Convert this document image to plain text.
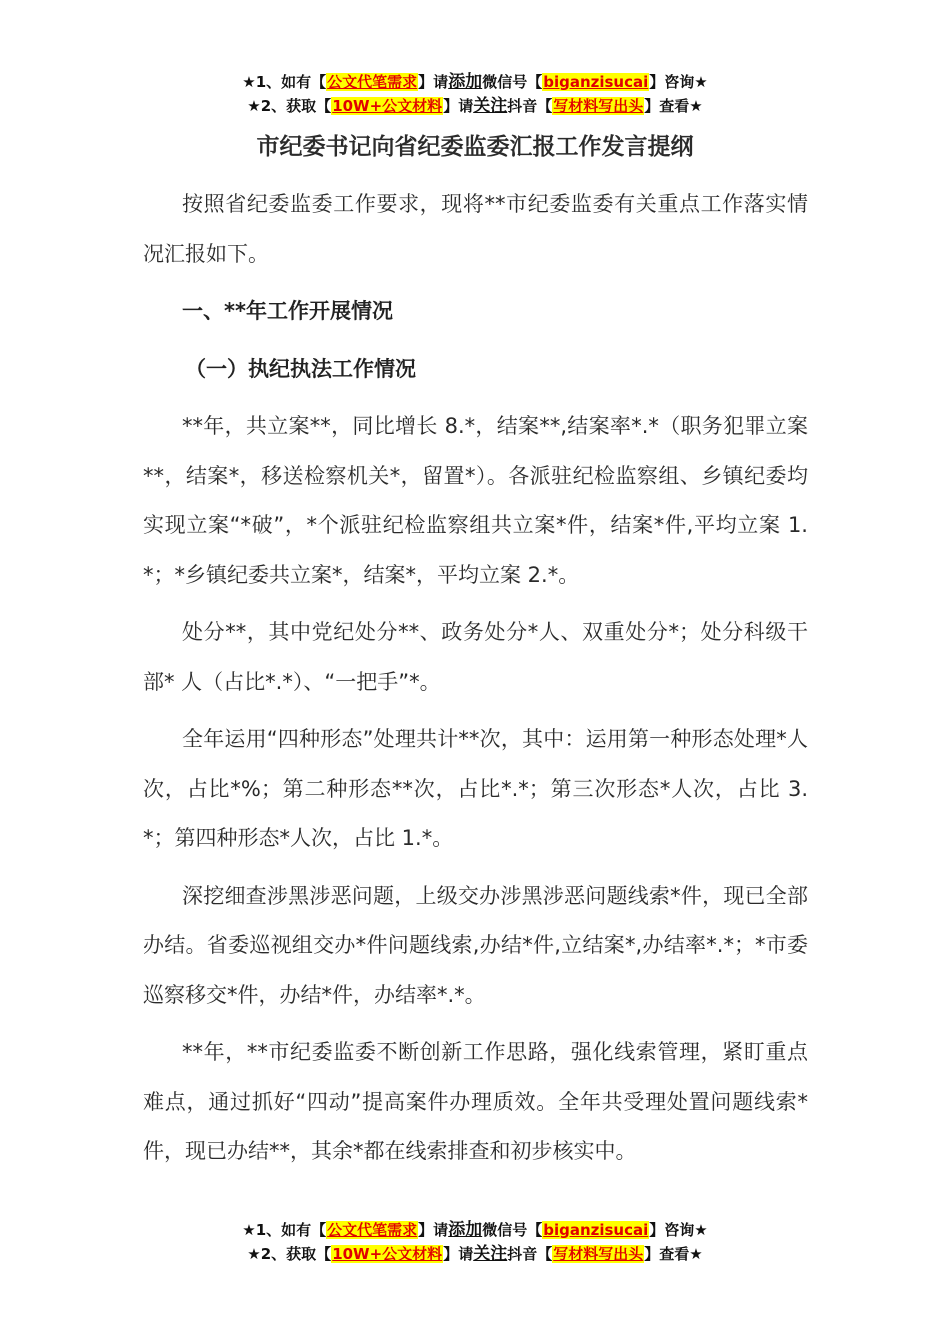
★1、如有【公文代笔需求】请添加微信号【biganzisucai】咨询★
★2、获取【10W+公文材料】请关注抖音【写材料写出头】查看★
市纪委书记向省纪委监委汇报工作发言提纲

按照省纪委监委工作要求，现将**市纪委监委有关重点工作落实情况汇报如下。

一、**年工作开展情况
（一）执纪执法工作情况

**年，共立案**，同比增长 8.*，结案**,结案率*.*（职务犯罪立案**，结案*，移送检察机关*，留置*）。各派驻纪检监察组、乡镇纪委均实现立案“*破”，*个派驻纪检监察组共立案*件，结案*件,平均立案 1.*；*乡镇纪委共立案*，结案*，平均立案 2.*。

处分**，其中党纪处分**、政务处分*人、双重处分*；处分科级干部* 人（占比*.*）、“一把手”*。

全年运用“四种形态”处理共计**次，其中：运用第一种形态处理*人次，占比*%；第二种形态**次，占比*.*；第三次形态*人次，占比 3.*；第四种形态*人次，占比 1.*。

深挖细查涉黑涉恶问题，上级交办涉黑涉恶问题线索*件，现已全部办结。省委巡视组交办*件问题线索,办结*件,立结案*,办结率*.*；*市委巡察移交*件，办结*件，办结率*.*。

**年，**市纪委监委不断创新工作思路，强化线索管理，紧盯重点难点，通过抓好“四动”提高案件办理质效。全年共受理处置问题线索*件，现已办结**，其余*都在线索排查和初步核实中。

★1、如有【公文代笔需求】请添加微信号【biganzisucai】咨询★
★2、获取【10W+公文材料】请关注抖音【写材料写出头】查看★
